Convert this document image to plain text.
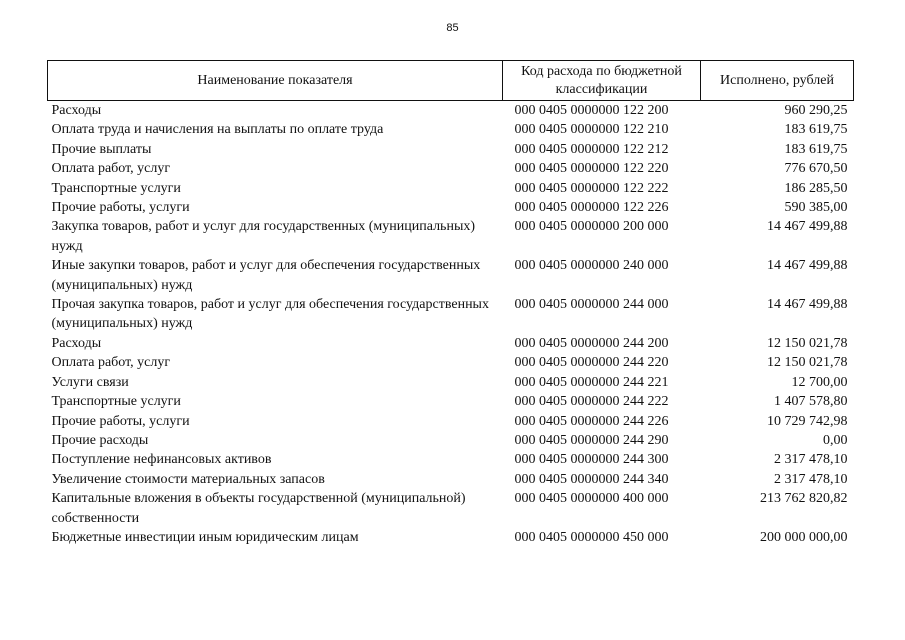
85
Наименование показателя	Код расхода по бюджетной классификации	Исполнено, рублей
Расходы	000 0405 0000000 122 200	960 290,25
Оплата труда и начисления на выплаты по оплате труда	000 0405 0000000 122 210	183 619,75
Прочие выплаты	000 0405 0000000 122 212	183 619,75
Оплата работ, услуг	000 0405 0000000 122 220	776 670,50
Транспортные услуги	000 0405 0000000 122 222	186 285,50
Прочие работы, услуги	000 0405 0000000 122 226	590 385,00
Закупка товаров, работ и услуг для государственных (муниципальных) нужд	000 0405 0000000 200 000	14 467 499,88
Иные закупки товаров, работ и услуг для обеспечения государственных (муниципальных) нужд	000 0405 0000000 240 000	14 467 499,88
Прочая закупка товаров, работ и услуг для обеспечения государственных (муниципальных) нужд	000 0405 0000000 244 000	14 467 499,88
Расходы	000 0405 0000000 244 200	12 150 021,78
Оплата работ, услуг	000 0405 0000000 244 220	12 150 021,78
Услуги связи	000 0405 0000000 244 221	12 700,00
Транспортные услуги	000 0405 0000000 244 222	1 407 578,80
Прочие работы, услуги	000 0405 0000000 244 226	10 729 742,98
Прочие расходы	000 0405 0000000 244 290	0,00
Поступление нефинансовых активов	000 0405 0000000 244 300	2 317 478,10
Увеличение стоимости материальных запасов	000 0405 0000000 244 340	2 317 478,10
Капитальные вложения в объекты государственной (муниципальной) собственности	000 0405 0000000 400 000	213 762 820,82
Бюджетные инвестиции иным юридическим лицам	000 0405 0000000 450 000	200 000 000,00
